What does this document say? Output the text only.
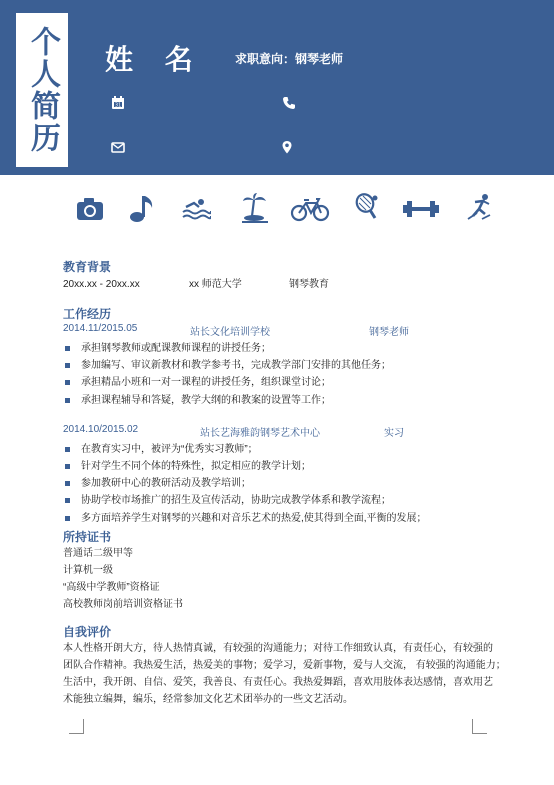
个人简历 姓 名	求职意向：钢琴老师
31
教育背景
20xx.xx - 20xx.xx	xx 师范大学	钢琴教育
工作经历
2014.11/2015.05	站长文化培训学校	钢琴老师
承担钢琴教师或配课教师课程的讲授任务；
参加编写、审议新教材和教学参考书，完成教学部门安排的其他任务；
承担精品小班和一对一课程的讲授任务，组织课堂讨论；
承担课程辅导和答疑，教学大纲的和教案的设置等工作；
2014.10/2015.02	站长艺海雅韵钢琴艺术中心	实习
在教育实习中，被评为“优秀实习教师”；
针对学生不同个体的特殊性，拟定相应的教学计划；
参加教研中心的教研活动及教学培训；
协助学校市场推广的招生及宣传活动，协助完成教学体系和教学流程；
多方面培养学生对钢琴的兴趣和对音乐艺术的热爱,使其得到全面,平衡的发展；
所持证书
普通话二级甲等
计算机一级
“高级中学教师”资格证
高校教师岗前培训资格证书
自我评价
本人性格开朗大方，待人热情真诚，有较强的沟通能力；对待工作细致认真，有责任心，有较强的
团队合作精神。我热爱生活，热爱美的事物；爱学习，爱新事物，爱与人交流， 有较强的沟通能力；
生活中，我开朗、自信、爱笑，我善良、有责任心。我热爱舞蹈，喜欢用肢体表达感情，喜欢用艺
术能独立编舞，编乐，经常参加文化艺术团举办的一些文艺活动。
